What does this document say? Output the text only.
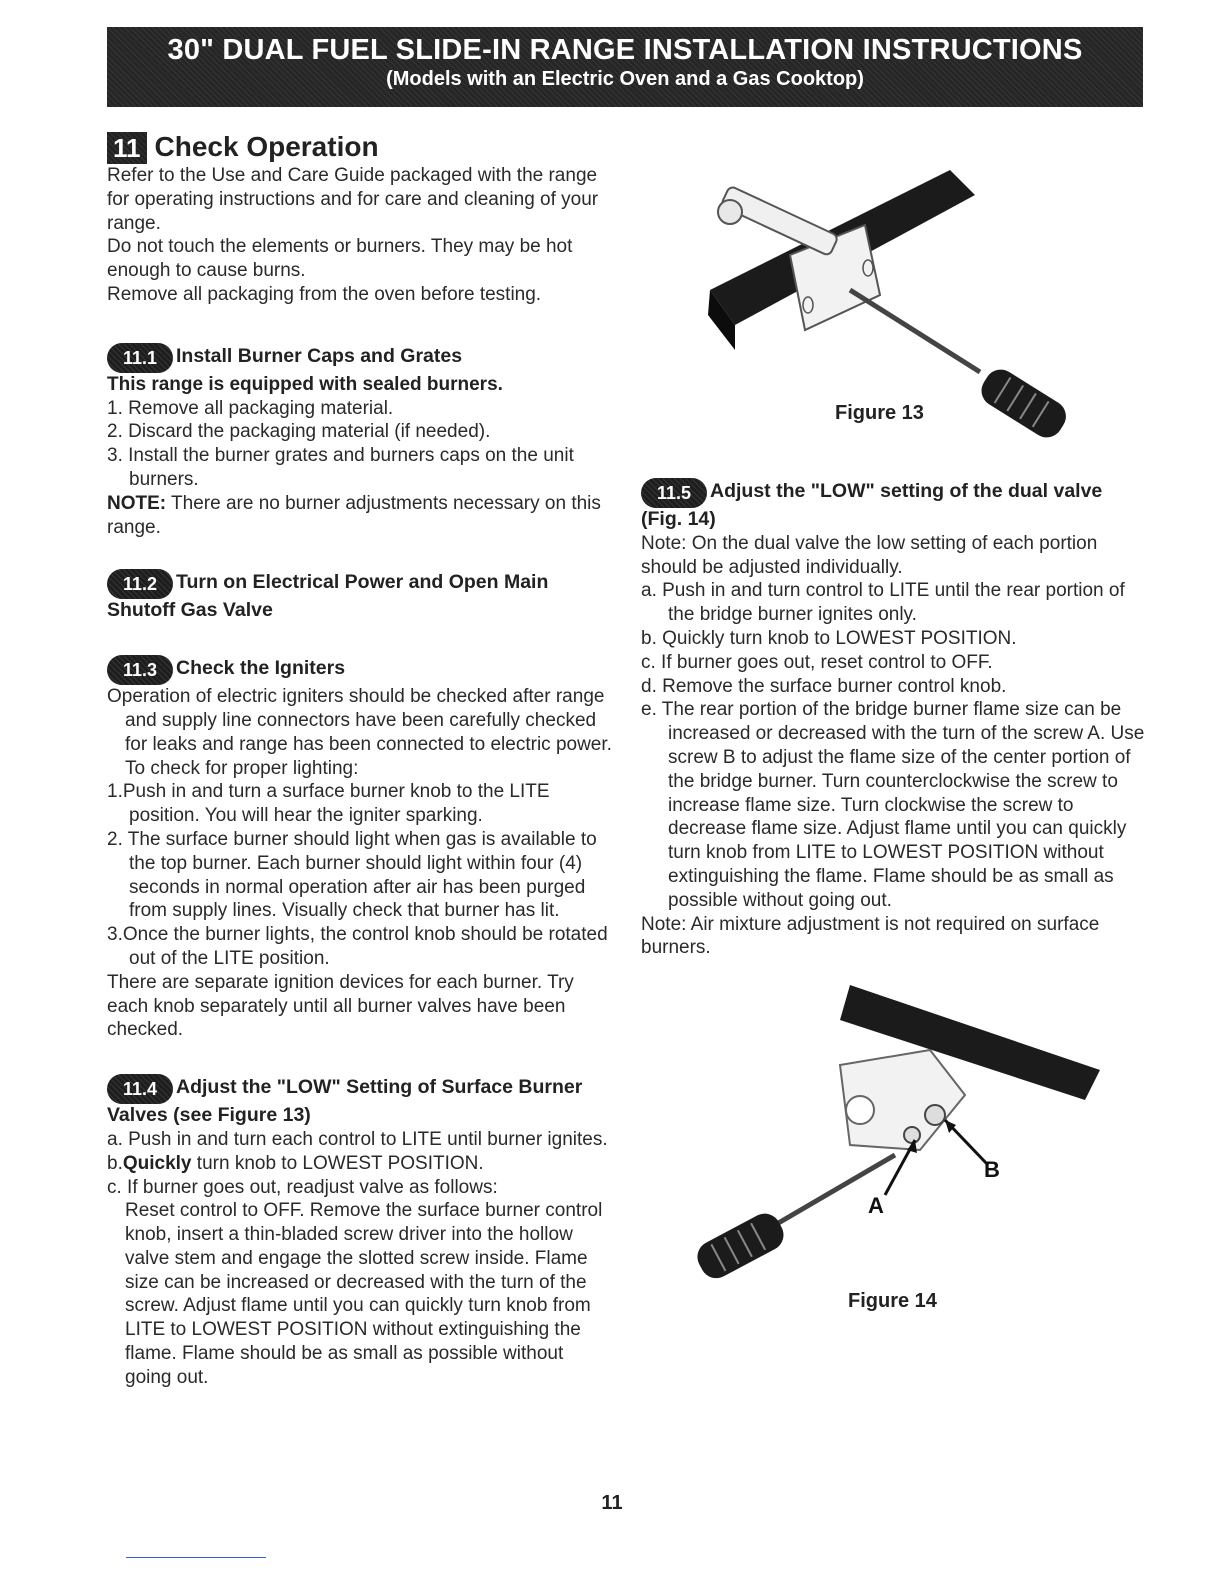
30" DUAL FUEL SLIDE-IN RANGE INSTALLATION INSTRUCTIONS
(Models with an Electric Oven and a Gas Cooktop)
11 Check Operation

Refer to the Use and Care Guide packaged with the range for operating instructions and for care and cleaning of your range.

Do not touch the elements or burners. They may be hot enough to cause burns.

Remove all packaging from the oven before testing.

11.1 Install Burner Caps and Grates

This range is equipped with sealed burners.

1. Remove all packaging material.

2. Discard the packaging material (if needed).

3. Install the burner grates and burners caps on the unit burners.

NOTE: There are no burner adjustments necessary on this range.

11.2 Turn on Electrical Power and Open Main Shutoff Gas Valve

11.3 Check the Igniters

Operation of electric igniters should be checked after range and supply line connectors have been carefully checked for leaks and range has been connected to electric power. To check for proper lighting:

1.Push in and turn a surface burner knob to the LITE position. You will hear the igniter sparking.

2. The surface burner should light when gas is available to the top burner. Each burner should light within four (4) seconds in normal operation after air has been purged from supply lines. Visually check that burner has lit.

3.Once the burner lights, the control knob should be rotated out of the LITE position.

There are separate ignition devices for each burner. Try each knob separately until all burner valves have been checked.

11.4 Adjust the "LOW" Setting of Surface Burner Valves (see Figure 13)

a. Push in and turn each control to LITE until burner ignites.

b.Quickly turn knob to LOWEST POSITION.

c. If burner goes out, readjust valve as follows:

Reset control to OFF. Remove the surface burner control knob, insert a thin-bladed screw driver into the hollow valve stem and engage the slotted screw inside. Flame size can be increased or decreased with the turn of the screw. Adjust flame until you can quickly turn knob from LITE to LOWEST POSITION without extinguishing the flame. Flame should be as small as possible without going out.

Figure 13

11.5 Adjust the "LOW" setting of the dual valve (Fig. 14)

Note: On the dual valve the low setting of each portion should be adjusted individually.

a. Push in and turn control to LITE until the rear portion of the bridge burner ignites only.

b. Quickly turn knob to LOWEST POSITION.

c. If burner goes out, reset control to OFF.

d. Remove the surface burner control knob.

e. The rear portion of the bridge burner flame size can be increased or decreased with the turn of the screw A. Use screw B to adjust the flame size of the center portion of the bridge burner. Turn counterclockwise the screw to increase flame size. Turn clockwise the screw to decrease flame size. Adjust flame until you can quickly turn knob from LITE to LOWEST POSITION without extinguishing the flame. Flame should be as small as possible without going out.

Note: Air mixture adjustment is not required on surface burners.

B
A
Figure 14
11
